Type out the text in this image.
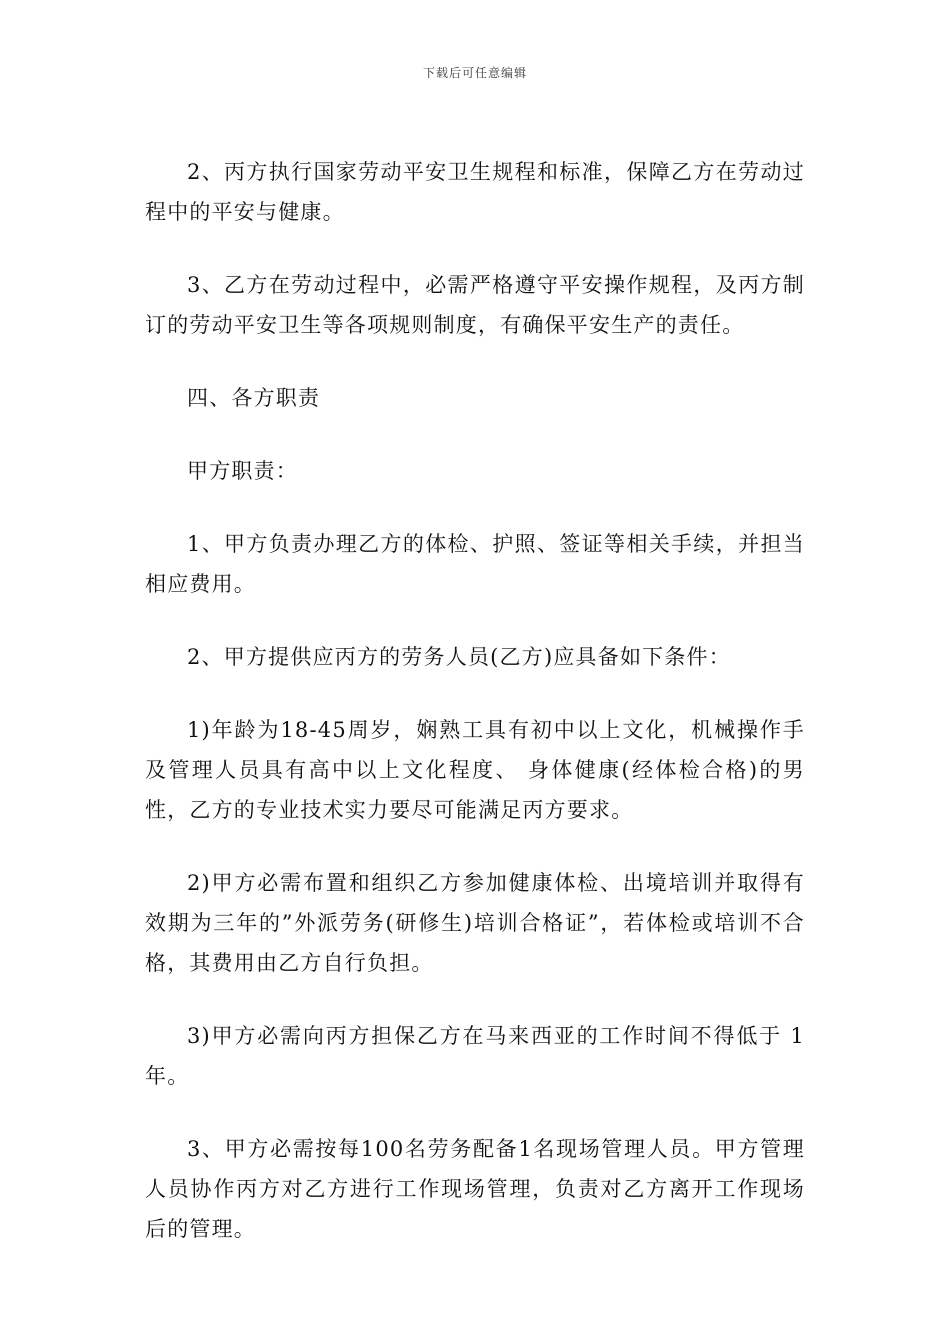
下载后可任意编辑

2、丙方执行国家劳动平安卫生规程和标准，保障乙方在劳动过程中的平安与健康。

3、乙方在劳动过程中，必需严格遵守平安操作规程，及丙方制订的劳动平安卫生等各项规则制度，有确保平安生产的责任。

四、各方职责

甲方职责：

1、甲方负责办理乙方的体检、护照、签证等相关手续，并担当相应费用。

2、甲方提供应丙方的劳务人员(乙方)应具备如下条件：

1)年龄为18-45周岁，娴熟工具有初中以上文化，机械操作手及管理人员具有高中以上文化程度、 身体健康(经体检合格)的男性，乙方的专业技术实力要尽可能满足丙方要求。

2)甲方必需布置和组织乙方参加健康体检、出境培训并取得有效期为三年的”外派劳务(研修生)培训合格证”，若体检或培训不合格，其费用由乙方自行负担。

3)甲方必需向丙方担保乙方在马来西亚的工作时间不得低于 1 年。

3、甲方必需按每100名劳务配备1名现场管理人员。甲方管理人员协作丙方对乙方进行工作现场管理，负责对乙方离开工作现场后的管理。
